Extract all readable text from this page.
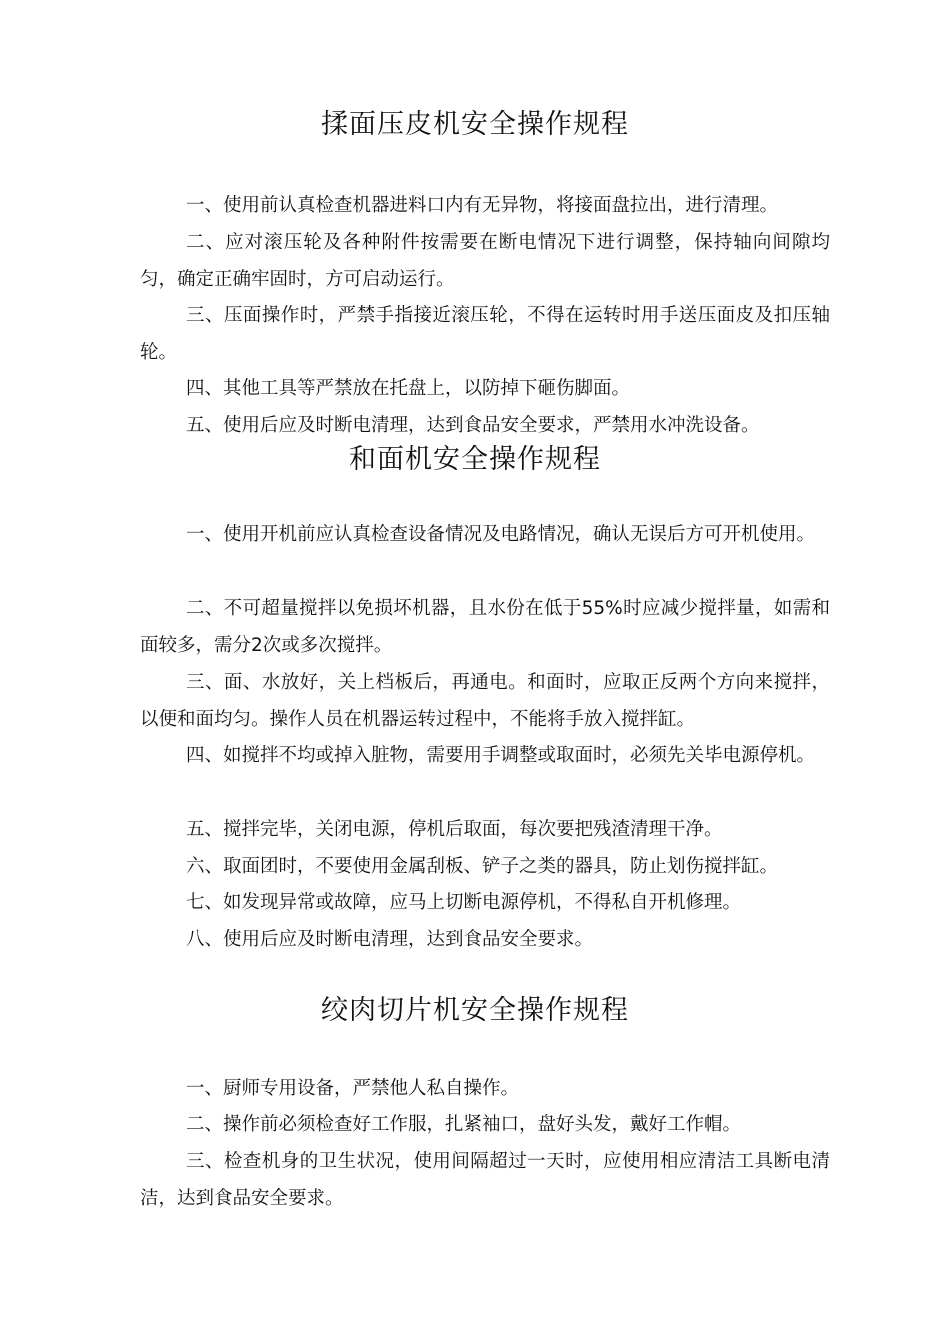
揉面压皮机安全操作规程

一、使用前认真检查机器进料口内有无异物，将接面盘拉出，进行清理。

二、应对滚压轮及各种附件按需要在断电情况下进行调整，保持轴向间隙均匀，确定正确牢固时，方可启动运行。

三、压面操作时，严禁手指接近滚压轮，不得在运转时用手送压面皮及扣压轴轮。

四、其他工具等严禁放在托盘上，以防掉下砸伤脚面。

五、使用后应及时断电清理，达到食品安全要求，严禁用水冲洗设备。

和面机安全操作规程

一、使用开机前应认真检查设备情况及电路情况，确认无误后方可开机使用。

二、不可超量搅拌以免损坏机器，且水份在低于55%时应减少搅拌量，如需和面较多，需分2次或多次搅拌。

三、面、水放好，关上档板后，再通电。和面时，应取正反两个方向来搅拌，以便和面均匀。操作人员在机器运转过程中，不能将手放入搅拌缸。

四、如搅拌不均或掉入脏物，需要用手调整或取面时，必须先关毕电源停机。

五、搅拌完毕，关闭电源，停机后取面，每次要把残渣清理干净。

六、取面团时，不要使用金属刮板、铲子之类的器具，防止划伤搅拌缸。

七、如发现异常或故障，应马上切断电源停机，不得私自开机修理。

八、使用后应及时断电清理，达到食品安全要求。

绞肉切片机安全操作规程

一、厨师专用设备，严禁他人私自操作。

二、操作前必须检查好工作服，扎紧袖口，盘好头发，戴好工作帽。

三、检查机身的卫生状况，使用间隔超过一天时，应使用相应清洁工具断电清洁，达到食品安全要求。
